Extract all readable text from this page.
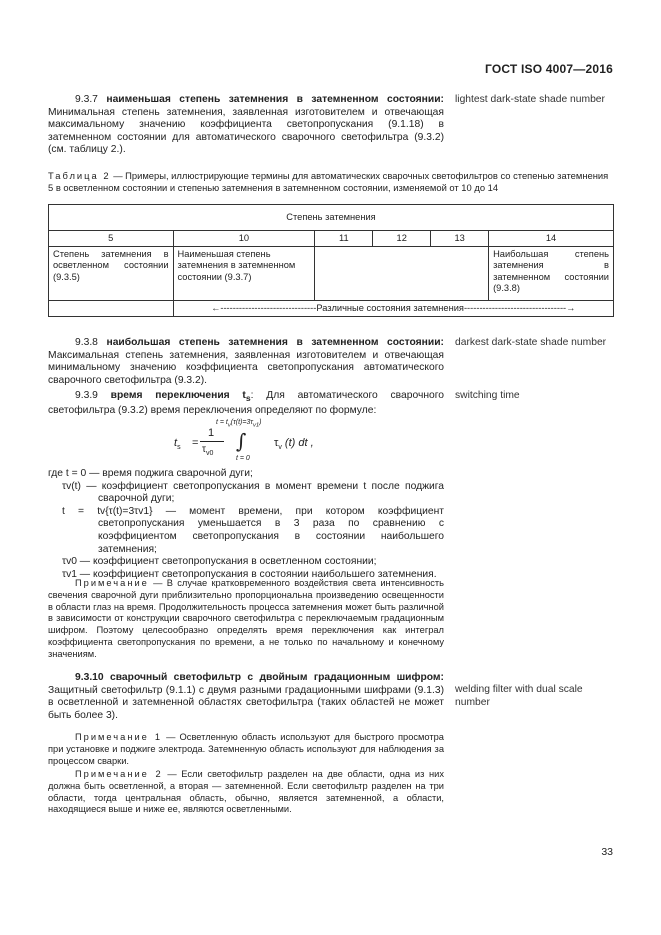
ГОСТ ISO 4007—2016
9.3.7 наименьшая степень затемнения в затемненном состоянии: Минимальная степень затемнения, заявленная изготовителем и отвечающая максимальному значению коэффициента светопропускания (9.1.18) в затемненном состоянии для автоматического сварочного светофильтра (9.3.2) (см. таблицу 2.).
lightest dark-state shade number
Таблица 2 — Примеры, иллюстрирующие термины для автоматических сварочных светофильтров со степенью затемнения 5 в осветленном состоянии и степенью затемнения в затемненном состоянии, изменяемой от 10 до 14
Степень затемнения					
5	10	11	12	13	14
Степень затемнения в осветленном состоянии (9.3.5)	Наименьшая степень затемнения в затемненном состоянии (9.3.7)				Наибольшая степень затемнения в затемненном состоянии (9.3.8)
	←-------------------------------Различные состояния затемнения---------------------------------→				
9.3.8 наибольшая степень затемнения в затемненном состоянии: Максимальная степень затемнения, заявленная изготовителем и отвечающая минимальному значению коэффициента светопропускания автоматического сварочного светофильтра (9.3.2).
darkest dark-state shade number
9.3.9 время переключения $t_s$: Для автоматического сварочного светофильтра (9.3.2) время переключения определяют по формуле:
switching time
$t_s$ =
1
$\tau_{v0}$
$t = t_v(\tau(t)=3\tau_{v1})$
∫
t = 0
$\tau_v$ (t) dt ,
где t = 0 — время поджига сварочной дуги;
τv(t) — коэффициент светопропускания в момент времени t после поджига сварочной дуги;
t = tv{τ(t)=3τv1} — момент времени, при котором коэффициент светопропускания уменьшается в 3 раза по сравнению с коэффициентом светопропускания в состоянии наибольшего затемнения;
τv0 — коэффициент светопропускания в осветленном состоянии;
τv1 — коэффициент светопропускания в состоянии наибольшего затемнения.
Примечание — В случае кратковременного воздействия света интенсивность свечения сварочной дуги приблизительно пропорциональна произведению освещенности в области глаз на время. Продолжительность процесса затемнения может быть различной в зависимости от конструкции сварочного светофильтра с переключаемым градационным шифром. Поэтому целесообразно определять время переключения как интеграл коэффициента светопропускания по времени, а не только по начальному и конечному значениям.
9.3.10 сварочный светофильтр с двойным градационным шифром: Защитный светофильтр (9.1.1) с двумя разными градационными шифрами (9.1.3) в осветленной и затемненной областях светофильтра (таких областей не может быть более 3).
welding filter with dual scale number
Примечание 1 — Осветленную область используют для быстрого просмотра при установке и поджиге электрода. Затемненную область используют для наблюдения за процессом сварки.
Примечание 2 — Если светофильтр разделен на две области, одна из них должна быть осветленной, а вторая — затемненной. Если светофильтр разделен на три области, тогда центральная область, обычно, является затемненной, а области, находящиеся выше и ниже ее, являются осветленными.
33
